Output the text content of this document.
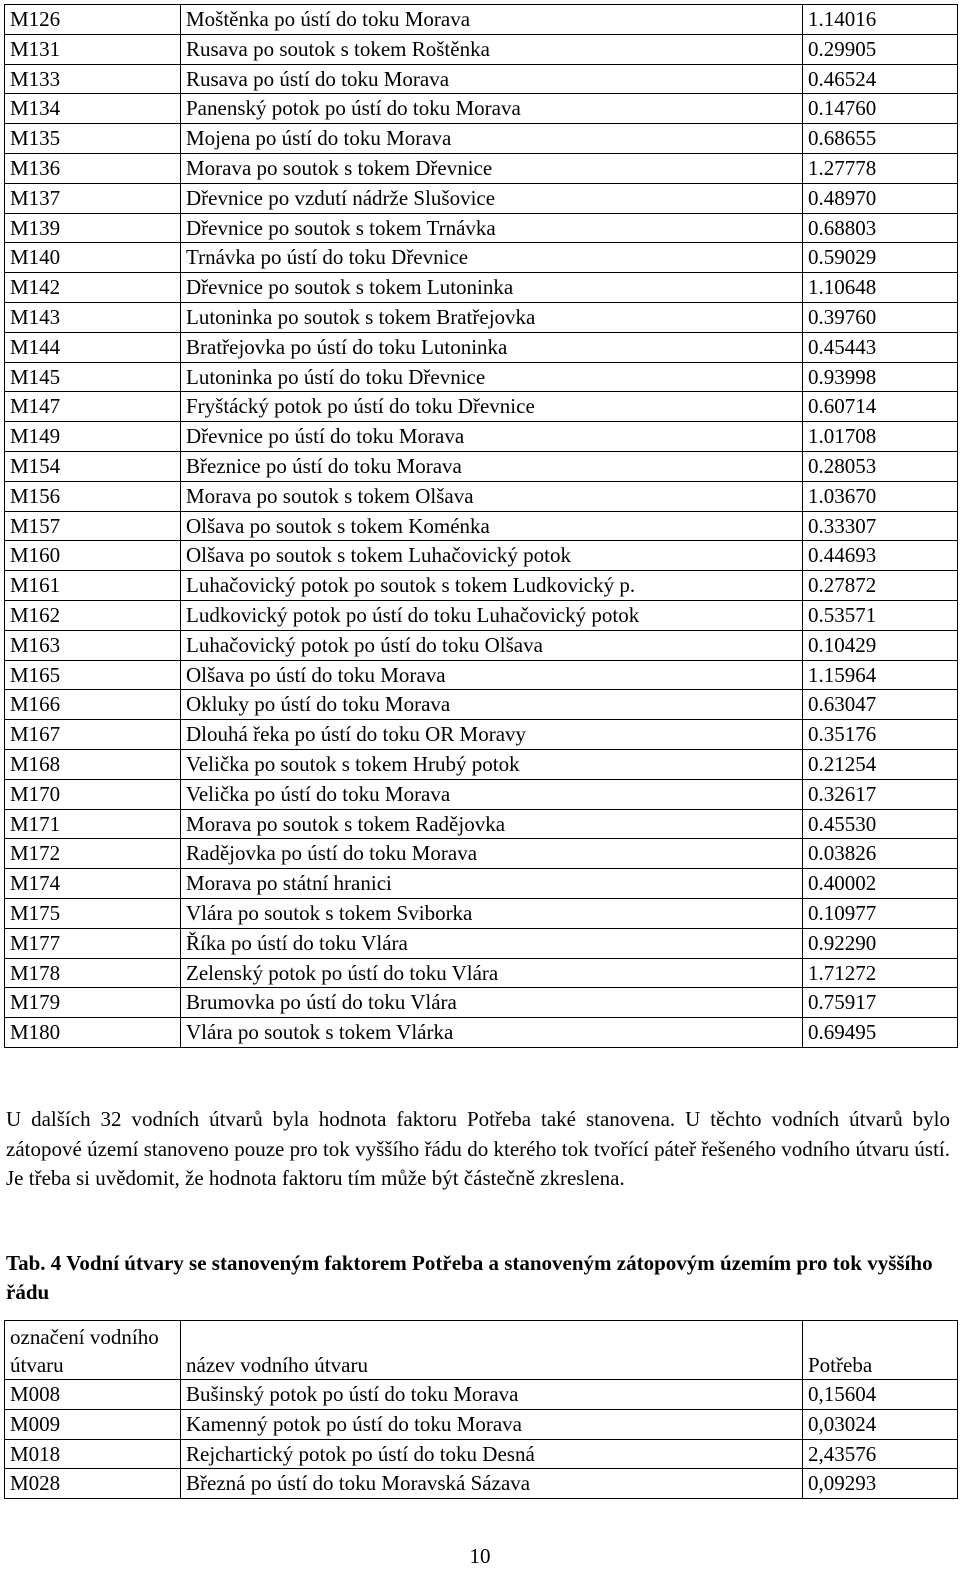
M126	Moštěnka po ústí do toku Morava	1.14016
M131	Rusava po soutok s tokem Roštěnka	0.29905
M133	Rusava po ústí do toku Morava	0.46524
M134	Panenský potok po ústí do toku Morava	0.14760
M135	Mojena po ústí do toku Morava	0.68655
M136	Morava po soutok s tokem Dřevnice	1.27778
M137	Dřevnice po vzdutí nádrže Slušovice	0.48970
M139	Dřevnice po soutok s tokem Trnávka	0.68803
M140	Trnávka po ústí do toku Dřevnice	0.59029
M142	Dřevnice po soutok s tokem Lutoninka	1.10648
M143	Lutoninka po soutok s tokem Bratřejovka	0.39760
M144	Bratřejovka po ústí do toku Lutoninka	0.45443
M145	Lutoninka po ústí do toku Dřevnice	0.93998
M147	Fryštácký potok po ústí do toku Dřevnice	0.60714
M149	Dřevnice po ústí do toku Morava	1.01708
M154	Březnice po ústí do toku Morava	0.28053
M156	Morava po soutok s tokem Olšava	1.03670
M157	Olšava po soutok s tokem Koménka	0.33307
M160	Olšava po soutok s tokem Luhačovický potok	0.44693
M161	Luhačovický potok po soutok s tokem Ludkovický p.	0.27872
M162	Ludkovický potok po ústí do toku Luhačovický potok	0.53571
M163	Luhačovický potok po ústí do toku Olšava	0.10429
M165	Olšava po ústí do toku Morava	1.15964
M166	Okluky po ústí do toku Morava	0.63047
M167	Dlouhá řeka po ústí do toku OR Moravy	0.35176
M168	Velička po soutok s tokem Hrubý potok	0.21254
M170	Velička po ústí do toku Morava	0.32617
M171	Morava po soutok s tokem Radějovka	0.45530
M172	Radějovka po ústí do toku Morava	0.03826
M174	Morava po státní hranici	0.40002
M175	Vlára po soutok s tokem Sviborka	0.10977
M177	Říka po ústí do toku Vlára	0.92290
M178	Zelenský potok po ústí do toku Vlára	1.71272
M179	Brumovka po ústí do toku Vlára	0.75917
M180	Vlára po soutok s tokem Vlárka	0.69495

U dalších 32 vodních útvarů byla hodnota faktoru Potřeba také stanovena. U těchto vodních útvarů bylo zátopové území stanoveno pouze pro tok vyššího řádu do kterého tok tvořící páteř řešeného vodního útvaru ústí. Je třeba si uvědomit, že hodnota faktoru tím může být částečně zkreslena.

Tab. 4 Vodní útvary se stanoveným faktorem Potřeba a stanoveným zátopovým územím pro tok vyššího řádu

označení vodního útvaru	název vodního útvaru	Potřeba
M008	Bušinský potok po ústí do toku Morava	0,15604
M009	Kamenný potok po ústí do toku Morava	0,03024
M018	Rejchartický potok po ústí do toku Desná	2,43576
M028	Březná po ústí do toku Moravská Sázava	0,09293
10
